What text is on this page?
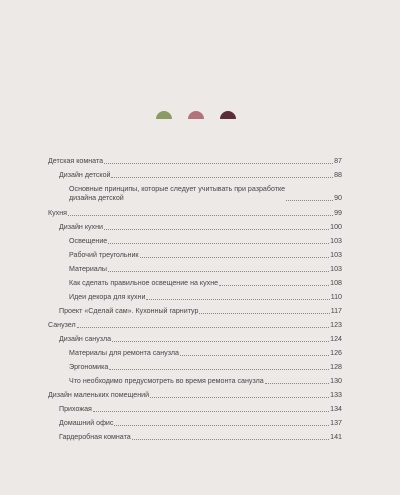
Детская комната	87
Дизайн детской	88
Основные принципы, которые следует учитывать при разработке
дизайна детской	90
Кухня	99
Дизайн кухни	100
Освещение	103
Рабочий треугольник	103
Материалы	103
Как сделать правильное освещение на кухне	108
Идеи декора для кухни	110
Проект «Сделай сам». Кухонный гарнитур	117
Санузел	123
Дизайн санузла	124
Материалы для ремонта санузла	126
Эргономика	128
Что необходимо предусмотреть во время ремонта санузла	130
Дизайн маленьких помещений	133
Прихожая	134
Домашний офис	137
Гардеробная комната	141
